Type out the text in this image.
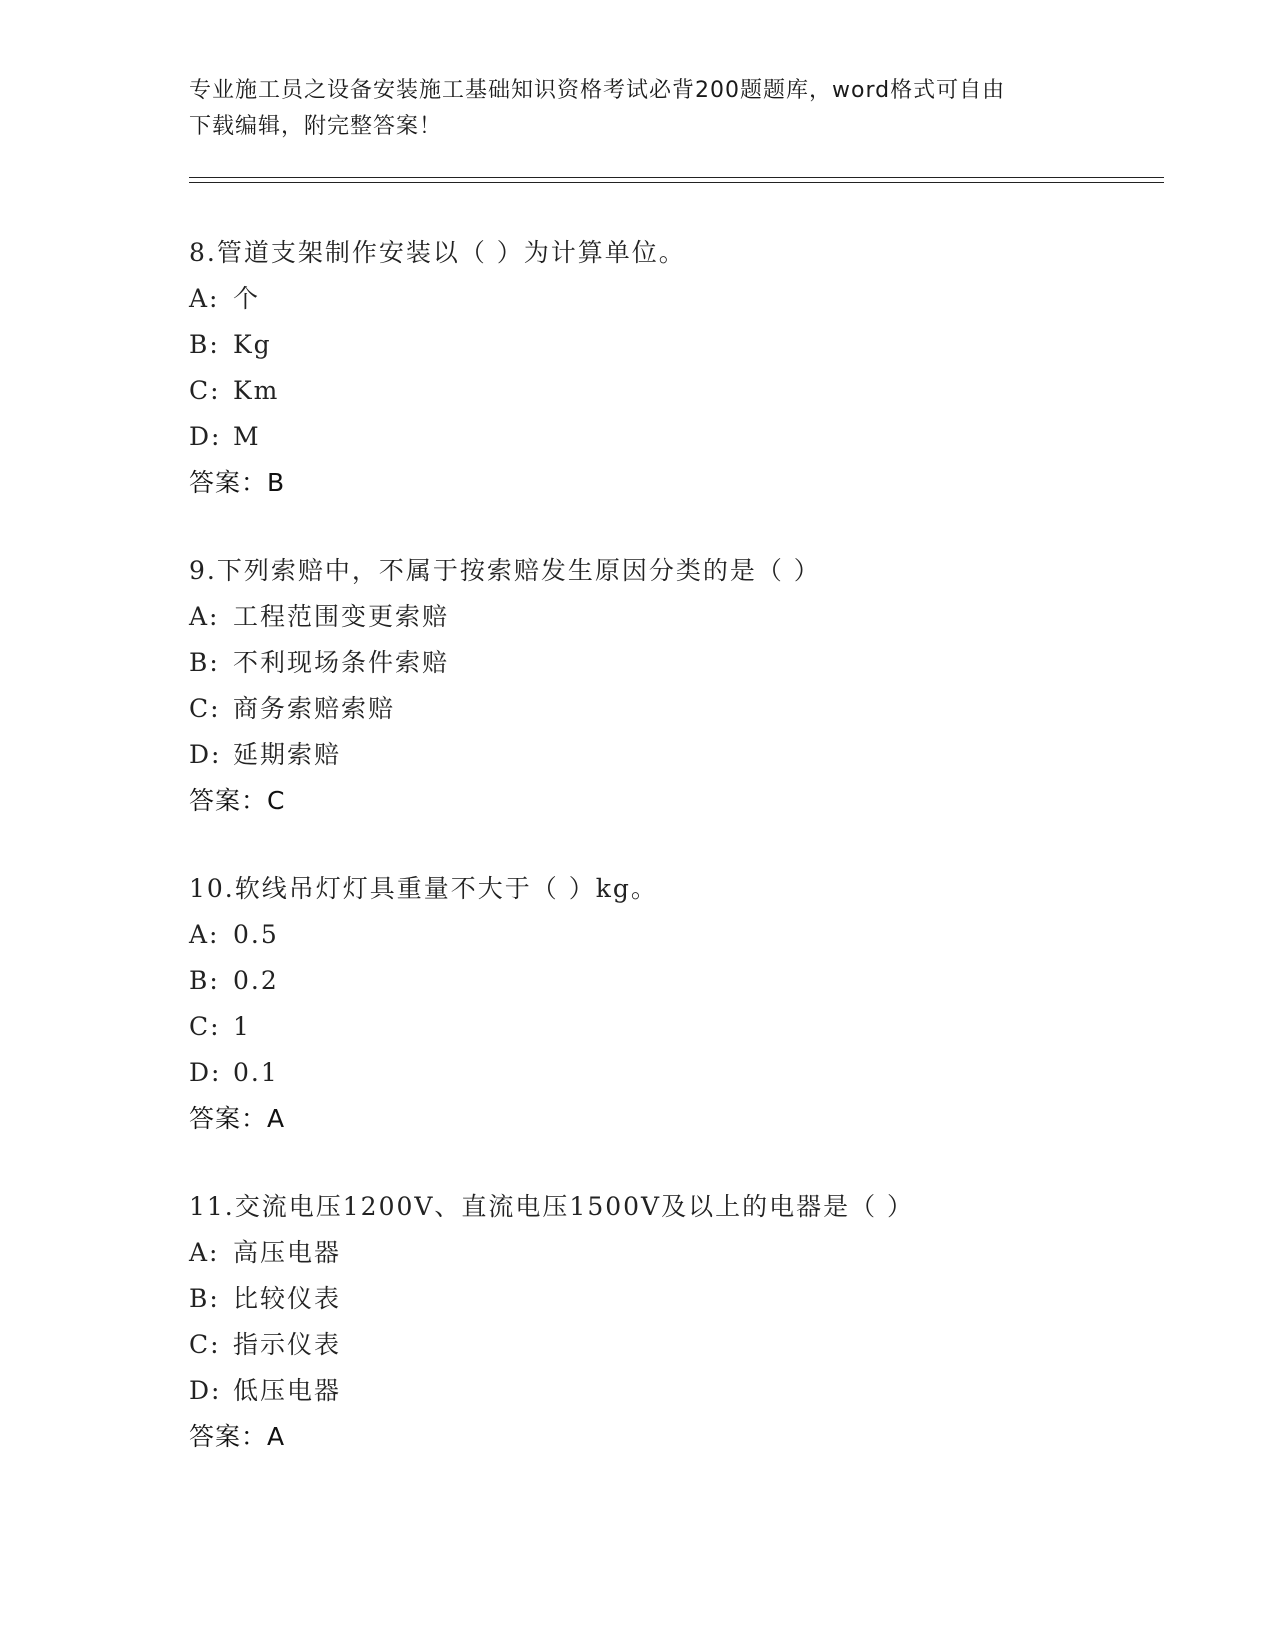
专业施工员之设备安装施工基础知识资格考试必背200题题库，word格式可自由
下载编辑，附完整答案！
8.管道支架制作安装以（ ）为计算单位。
A: 个
B: Kg
C: Km
D: M
答案：B
9.下列索赔中，不属于按索赔发生原因分类的是（ ）
A: 工程范围变更索赔
B: 不利现场条件索赔
C: 商务索赔索赔
D: 延期索赔
答案：C
10.软线吊灯灯具重量不大于（ ）kg。
A: 0.5
B: 0.2
C: 1
D: 0.1
答案：A
11.交流电压1200V、直流电压1500V及以上的电器是（ ）
A: 高压电器
B: 比较仪表
C: 指示仪表
D: 低压电器
答案：A
